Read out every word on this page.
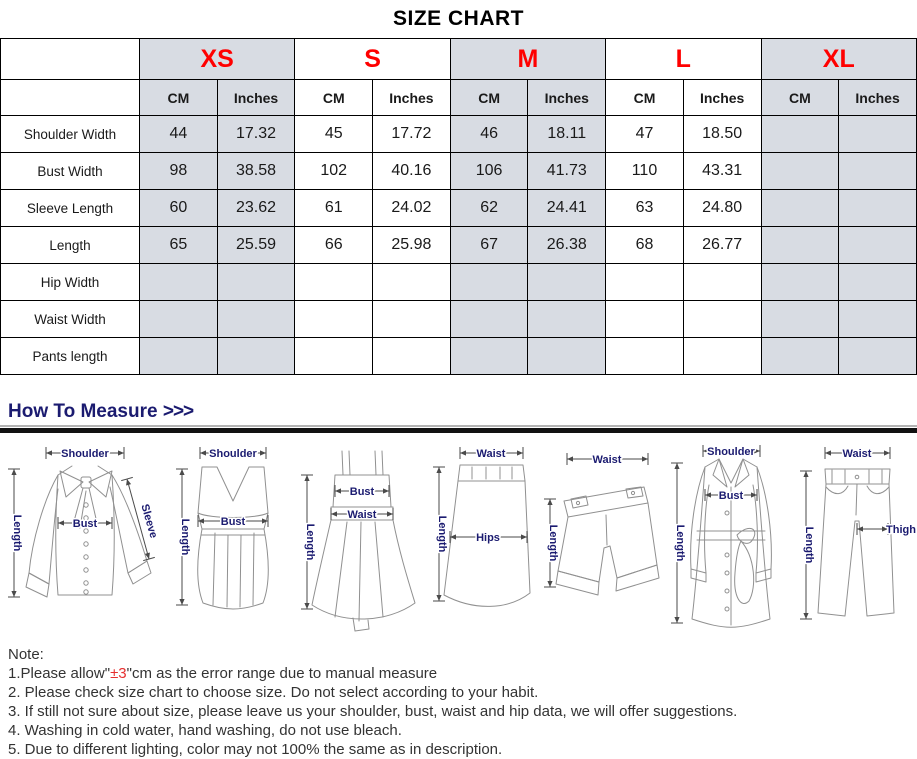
SIZE CHART
	XS		S		M		L		XL	
	CM	Inches	CM	Inches	CM	Inches	CM	Inches	CM	Inches
Shoulder Width	44	17.32	45	17.72	46	18.11	47	18.50		
Bust Width	98	38.58	102	40.16	106	41.73	110	43.31		
Sleeve Length	60	23.62	61	24.02	62	24.41	63	24.80		
Length	65	25.59	66	25.98	67	26.38	68	26.77		
Hip Width										
Waist Width										
Pants length										
How To Measure >>>
Shoulder
Bust	Sleeve
Length
Shoulder
Bust
Length
Bust
Waist
Length
Waist
Hips
Length
Waist
Length
Shoulder
Bust
Length
Waist
Thigh
Length
Note:
1.Please allow"±3"cm as the error range due to manual measure
2. Please check size chart to choose size. Do not select according to your habit.
3. If still not sure about size, please leave us your shoulder, bust, waist and hip data, we will offer suggestions.
4. Washing in cold water, hand washing, do not use bleach.
5. Due to different lighting, color may not 100% the same as in description.
